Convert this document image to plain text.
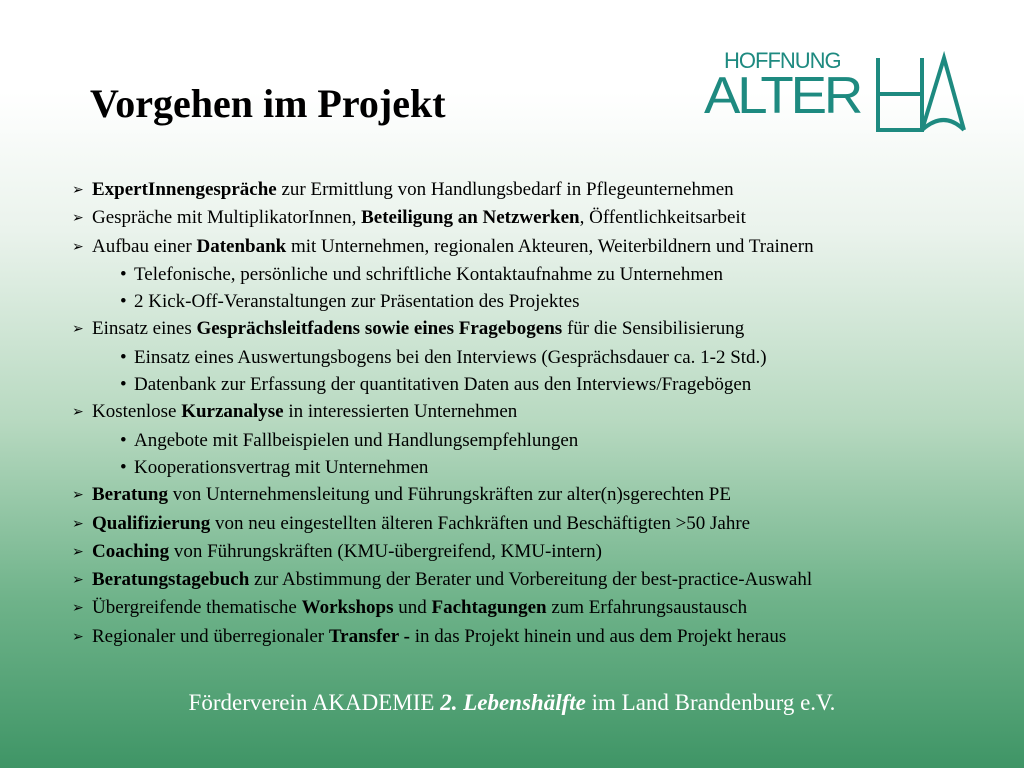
Vorgehen im Projekt
HOFFNUNG
ALTER
➢ ExpertInnengespräche zur Ermittlung von Handlungsbedarf in Pflegeunternehmen
➢ Gespräche mit MultiplikatorInnen, Beteiligung an Netzwerken, Öffentlichkeitsarbeit
➢ Aufbau einer Datenbank mit Unternehmen, regionalen Akteuren, Weiterbildnern und Trainern
• Telefonische, persönliche und schriftliche Kontaktaufnahme zu Unternehmen
• 2 Kick-Off-Veranstaltungen zur Präsentation des Projektes
➢ Einsatz eines Gesprächsleitfadens sowie eines Fragebogens für die Sensibilisierung
• Einsatz eines Auswertungsbogens bei den Interviews (Gesprächsdauer ca. 1-2 Std.)
• Datenbank zur Erfassung der quantitativen Daten aus den Interviews/Fragebögen
➢ Kostenlose Kurzanalyse in interessierten Unternehmen
• Angebote mit Fallbeispielen und Handlungsempfehlungen
• Kooperationsvertrag mit Unternehmen
➢ Beratung von Unternehmensleitung und Führungskräften zur alter(n)sgerechten PE
➢ Qualifizierung von neu eingestellten älteren Fachkräften und Beschäftigten >50 Jahre
➢ Coaching von Führungskräften (KMU-übergreifend, KMU-intern)
➢ Beratungstagebuch zur Abstimmung der Berater und Vorbereitung der best-practice-Auswahl
➢ Übergreifende thematische Workshops und Fachtagungen zum Erfahrungsaustausch
➢ Regionaler und überregionaler Transfer - in das Projekt hinein und aus dem Projekt heraus
Förderverein AKADEMIE 2. Lebenshälfte im Land Brandenburg e.V.
